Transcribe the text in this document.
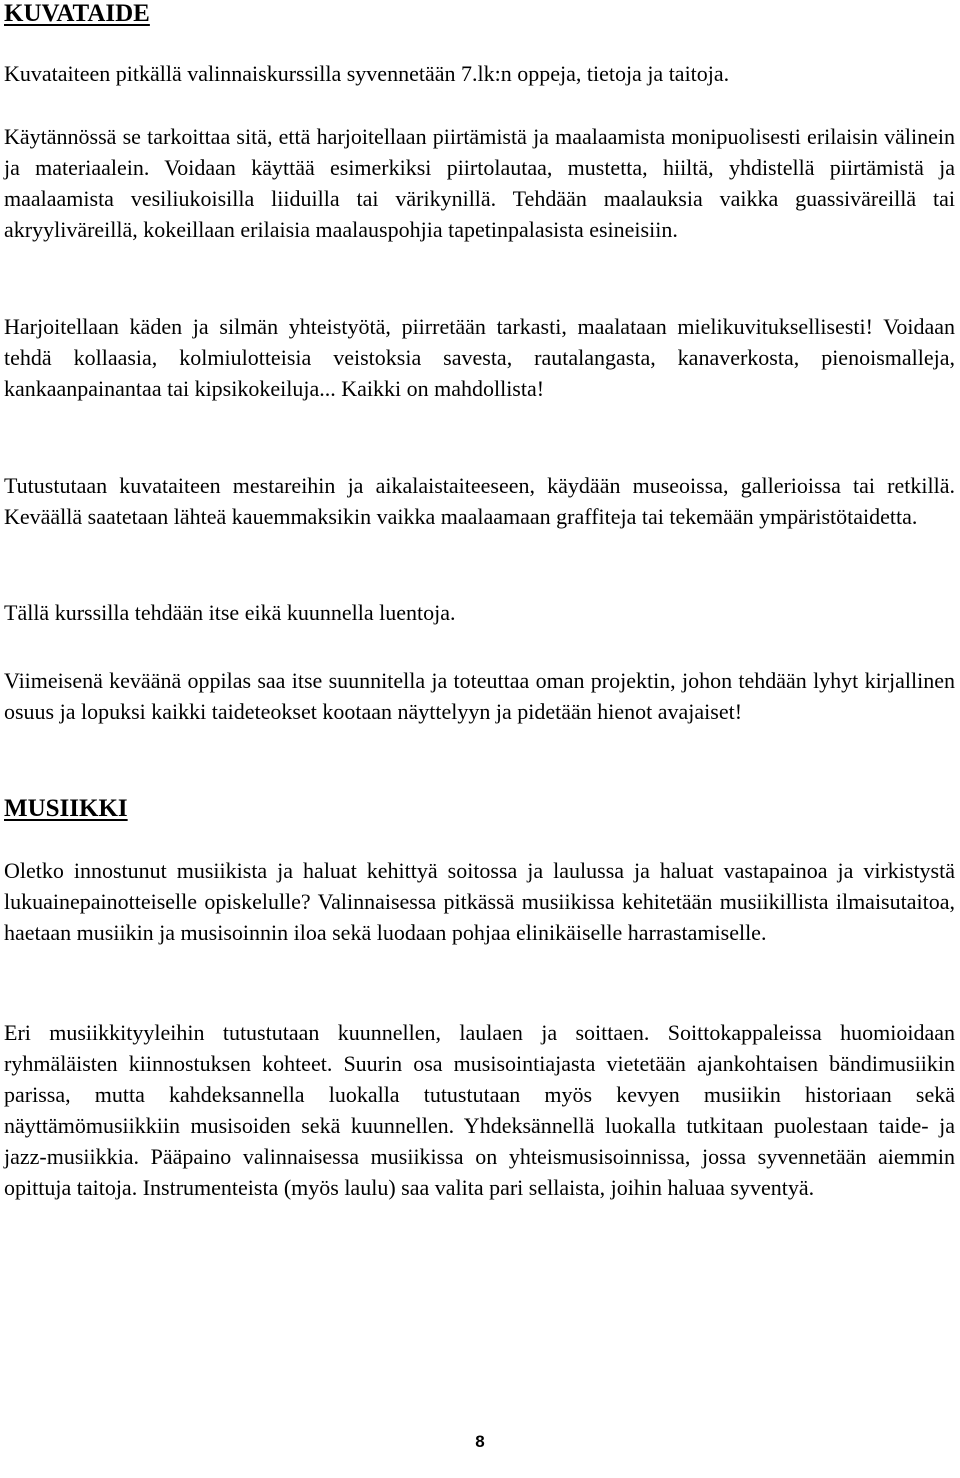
KUVATAIDE

Kuvataiteen pitkällä valinnaiskurssilla syvennetään 7.lk:n oppeja, tietoja ja taitoja.

Käytännössä se tarkoittaa sitä, että harjoitellaan piirtämistä ja maalaamista monipuolisesti erilaisin välinein ja materiaalein. Voidaan käyttää esimerkiksi piirtolautaa, mustetta, hiiltä, yhdistellä piirtämistä ja maalaamista vesiliukoisilla liiduilla tai värikynillä. Tehdään maalauksia vaikka guassiväreillä tai akryyliväreillä, kokeillaan erilaisia maalauspohjia tapetinpalasista esineisiin.

Harjoitellaan käden ja silmän yhteistyötä, piirretään tarkasti, maalataan mielikuvituksellisesti! Voidaan tehdä kollaasia, kolmiulotteisia veistoksia savesta, rautalangasta, kanaverkosta, pienoismalleja, kankaanpainantaa tai kipsikokeiluja... Kaikki on mahdollista!

Tutustutaan kuvataiteen mestareihin ja aikalaistaiteeseen, käydään museoissa, gallerioissa tai retkillä. Keväällä saatetaan lähteä kauemmaksikin vaikka maalaamaan graffiteja tai tekemään ympäristötaidetta.

Tällä kurssilla tehdään itse eikä kuunnella luentoja.

Viimeisenä keväänä oppilas saa itse suunnitella ja toteuttaa oman projektin, johon tehdään lyhyt kirjallinen osuus ja lopuksi kaikki taideteokset kootaan näyttelyyn ja pidetään hienot avajaiset!

MUSIIKKI

Oletko innostunut musiikista ja haluat kehittyä soitossa ja laulussa ja haluat vastapainoa ja virkistystä lukuainepainotteiselle opiskelulle? Valinnaisessa pitkässä musiikissa kehitetään musiikillista ilmaisutaitoa, haetaan musiikin ja musisoinnin iloa sekä luodaan pohjaa elinikäiselle harrastamiselle.

Eri musiikkityyleihin tutustutaan kuunnellen, laulaen ja soittaen. Soittokappaleissa huomioidaan ryhmäläisten kiinnostuksen kohteet. Suurin osa musisointiajasta vietetään ajankohtaisen bändimusiikin parissa, mutta kahdeksannella luokalla tutustutaan myös kevyen musiikin historiaan sekä näyttämömusiikkiin musisoiden sekä kuunnellen. Yhdeksännellä luokalla tutkitaan puolestaan taide- ja jazz-musiikkia. Pääpaino valinnaisessa musiikissa on yhteismusisoinnissa, jossa syvennetään aiemmin opittuja taitoja. Instrumenteista (myös laulu) saa valita pari sellaista, joihin haluaa syventyä.

8
